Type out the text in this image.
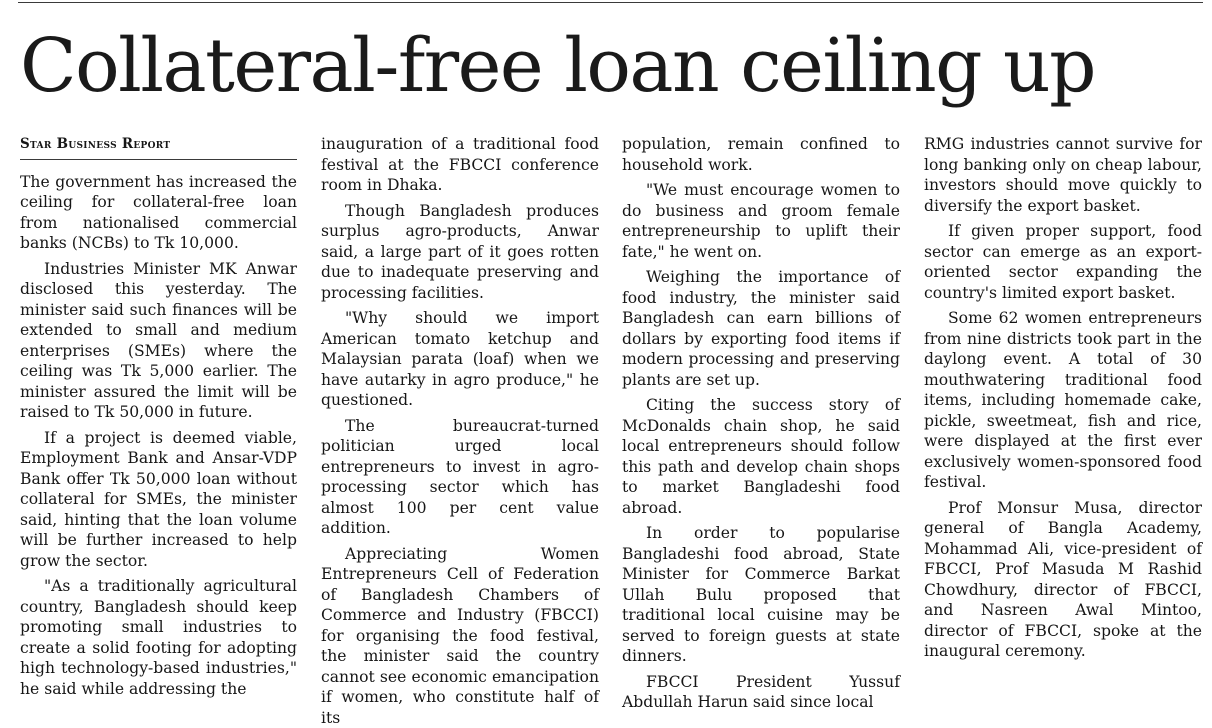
Collateral-free loan ceiling up
Star Business Report

The government has increased the ceiling for collateral-free loan from nationalised commercial banks (NCBs) to Tk 10,000.

Industries Minister MK Anwar disclosed this yesterday. The minister said such finances will be extended to small and medium enterprises (SMEs) where the ceiling was Tk 5,000 earlier. The minister assured the limit will be raised to Tk 50,000 in future.

If a project is deemed viable, Employment Bank and Ansar-VDP Bank offer Tk 50,000 loan without collateral for SMEs, the minister said, hinting that the loan volume will be further increased to help grow the sector.

"As a traditionally agricultural country, Bangladesh should keep promoting small industries to create a solid footing for adopting high technology-based industries," he said while addressing the

inauguration of a traditional food festival at the FBCCI conference room in Dhaka.

Though Bangladesh produces surplus agro-products, Anwar said, a large part of it goes rotten due to inadequate preserving and processing facilities.

"Why should we import American tomato ketchup and Malaysian parata (loaf) when we have autarky in agro produce," he questioned.

The bureaucrat-turned politician urged local entrepreneurs to invest in agro-processing sector which has almost 100 per cent value addition.

Appreciating Women Entrepreneurs Cell of Federation of Bangladesh Chambers of Commerce and Industry (FBCCI) for organising the food festival, the minister said the country cannot see economic emancipation if women, who constitute half of its

population, remain confined to household work.

"We must encourage women to do business and groom female entrepreneurship to uplift their fate," he went on.

Weighing the importance of food industry, the minister said Bangladesh can earn billions of dollars by exporting food items if modern processing and preserving plants are set up.

Citing the success story of McDonalds chain shop, he said local entrepreneurs should follow this path and develop chain shops to market Bangladeshi food abroad.

In order to popularise Bangladeshi food abroad, State Minister for Commerce Barkat Ullah Bulu proposed that traditional local cuisine may be served to foreign guests at state dinners.

FBCCI President Yussuf Abdullah Harun said since local

RMG industries cannot survive for long banking only on cheap labour, investors should move quickly to diversify the export basket.

If given proper support, food sector can emerge as an export-oriented sector expanding the country's limited export basket.

Some 62 women entrepreneurs from nine districts took part in the daylong event. A total of 30 mouthwatering traditional food items, including homemade cake, pickle, sweetmeat, fish and rice, were displayed at the first ever exclusively women-sponsored food festival.

Prof Monsur Musa, director general of Bangla Academy, Mohammad Ali, vice-president of FBCCI, Prof Masuda M Rashid Chowdhury, director of FBCCI, and Nasreen Awal Mintoo, director of FBCCI, spoke at the inaugural ceremony.
